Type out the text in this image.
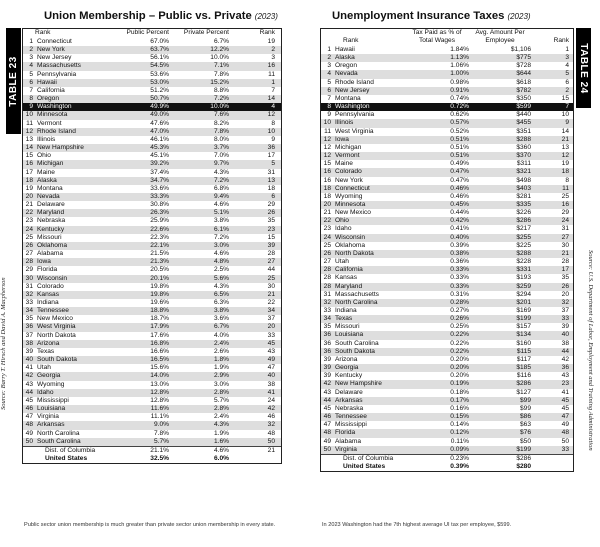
Union Membership – Public vs. Private (2023)
TABLE 23
Rank		Public Percent	Private Percent	Rank
1	Connecticut	67.0%	6.7%	19
2	New York	63.7%	12.2%	2
3	New Jersey	56.1%	10.0%	3
4	Massachusetts	54.5%	7.1%	16
5	Pennsylvania	53.6%	7.8%	11
6	Hawaii	53.0%	15.2%	1
7	California	51.2%	8.8%	7
8	Oregon	50.7%	7.2%	14
9	Washington	49.9%	10.0%	4
10	Minnesota	49.0%	7.6%	12
11	Vermont	47.6%	8.2%	8
12	Rhode Island	47.0%	7.8%	10
13	Illinois	46.1%	8.0%	9
14	New Hampshire	45.3%	3.7%	36
15	Ohio	45.1%	7.0%	17
16	Michigan	39.2%	9.7%	5
17	Maine	37.4%	4.3%	31
18	Alaska	34.7%	7.2%	13
19	Montana	33.6%	6.8%	18
20	Nevada	33.3%	9.4%	6
21	Delaware	30.8%	4.6%	29
22	Maryland	26.3%	5.1%	26
23	Nebraska	25.9%	3.8%	35
24	Kentucky	22.6%	6.1%	23
25	Missouri	22.3%	7.2%	15
26	Oklahoma	22.1%	3.0%	39
27	Alabama	21.5%	4.6%	28
28	Iowa	21.3%	4.8%	27
29	Florida	20.5%	2.5%	44
30	Wisconsin	20.1%	5.6%	25
31	Colorado	19.8%	4.3%	30
32	Kansas	19.8%	6.5%	21
33	Indiana	19.6%	6.3%	22
34	Tennessee	18.8%	3.8%	34
35	New Mexico	18.7%	3.6%	37
36	West Virginia	17.9%	6.7%	20
37	North Dakota	17.6%	4.0%	33
38	Arizona	16.8%	2.4%	45
39	Texas	16.6%	2.6%	43
40	South Dakota	16.5%	1.8%	49
41	Utah	15.6%	1.9%	47
42	Georgia	14.0%	2.9%	40
43	Wyoming	13.0%	3.0%	38
44	Idaho	12.8%	2.8%	41
45	Mississippi	12.8%	5.7%	24
46	Louisiana	11.6%	2.8%	42
47	Virginia	11.1%	2.4%	46
48	Arkansas	9.0%	4.3%	32
49	North Carolina	7.8%	1.9%	48
50	South Carolina	5.7%	1.6%	50
	Dist. of Columbia	21.1%	4.6%	21
	United States	32.5%	6.0%	
Public sector union membership is much greater than private sector union membership in every state.
Source: Barry T. Hirsch and David A. Macpherson
Unemployment Insurance Taxes (2023)
Rank		Tax Paid as % of Total Wages	Avg. Amount Per Employee	Rank
1	Hawaii	1.84%	$1,106	1
2	Alaska	1.13%	$775	3
3	Oregon	1.06%	$728	4
4	Nevada	1.00%	$644	5
5	Rhode Island	0.98%	$618	6
6	New Jersey	0.91%	$782	2
7	Montana	0.74%	$350	15
8	Washington	0.72%	$599	7
9	Pennsylvania	0.62%	$440	10
10	Illinois	0.57%	$455	9
11	West Virginia	0.52%	$351	14
12	Iowa	0.51%	$288	21
12	Michigan	0.51%	$360	13
12	Vermont	0.51%	$370	12
15	Maine	0.49%	$311	19
16	Colorado	0.47%	$321	18
16	New York	0.47%	$498	8
18	Connecticut	0.46%	$403	11
18	Wyoming	0.46%	$281	25
20	Minnesota	0.45%	$335	16
21	New Mexico	0.44%	$226	29
22	Ohio	0.42%	$286	24
23	Idaho	0.41%	$217	31
24	Wisconsin	0.40%	$255	27
25	Oklahoma	0.39%	$225	30
26	North Dakota	0.38%	$288	21
27	Utah	0.36%	$228	28
28	California	0.33%	$331	17
28	Kansas	0.33%	$193	35
28	Maryland	0.33%	$259	26
31	Massachusetts	0.31%	$294	20
32	North Carolina	0.28%	$201	32
33	Indiana	0.27%	$169	37
34	Texas	0.26%	$199	33
35	Missouri	0.25%	$157	39
36	Louisiana	0.22%	$134	40
36	South Carolina	0.22%	$160	38
36	South Dakota	0.22%	$115	44
39	Arizona	0.20%	$117	42
39	Georgia	0.20%	$185	36
39	Kentucky	0.20%	$116	43
42	New Hampshire	0.19%	$286	23
43	Delaware	0.18%	$127	41
44	Arkansas	0.17%	$99	45
45	Nebraska	0.16%	$99	45
46	Tennessee	0.15%	$86	47
47	Mississippi	0.14%	$63	49
48	Florida	0.12%	$76	48
49	Alabama	0.11%	$50	50
50	Virginia	0.09%	$199	33
	Dist. of Columbia	0.23%	$286	
	United States	0.39%	$280	
TABLE 24
In 2023 Washington had the 7th highest average UI tax per employee, $599.
Source: U.S. Department of Labor, Employment and Training Administration
